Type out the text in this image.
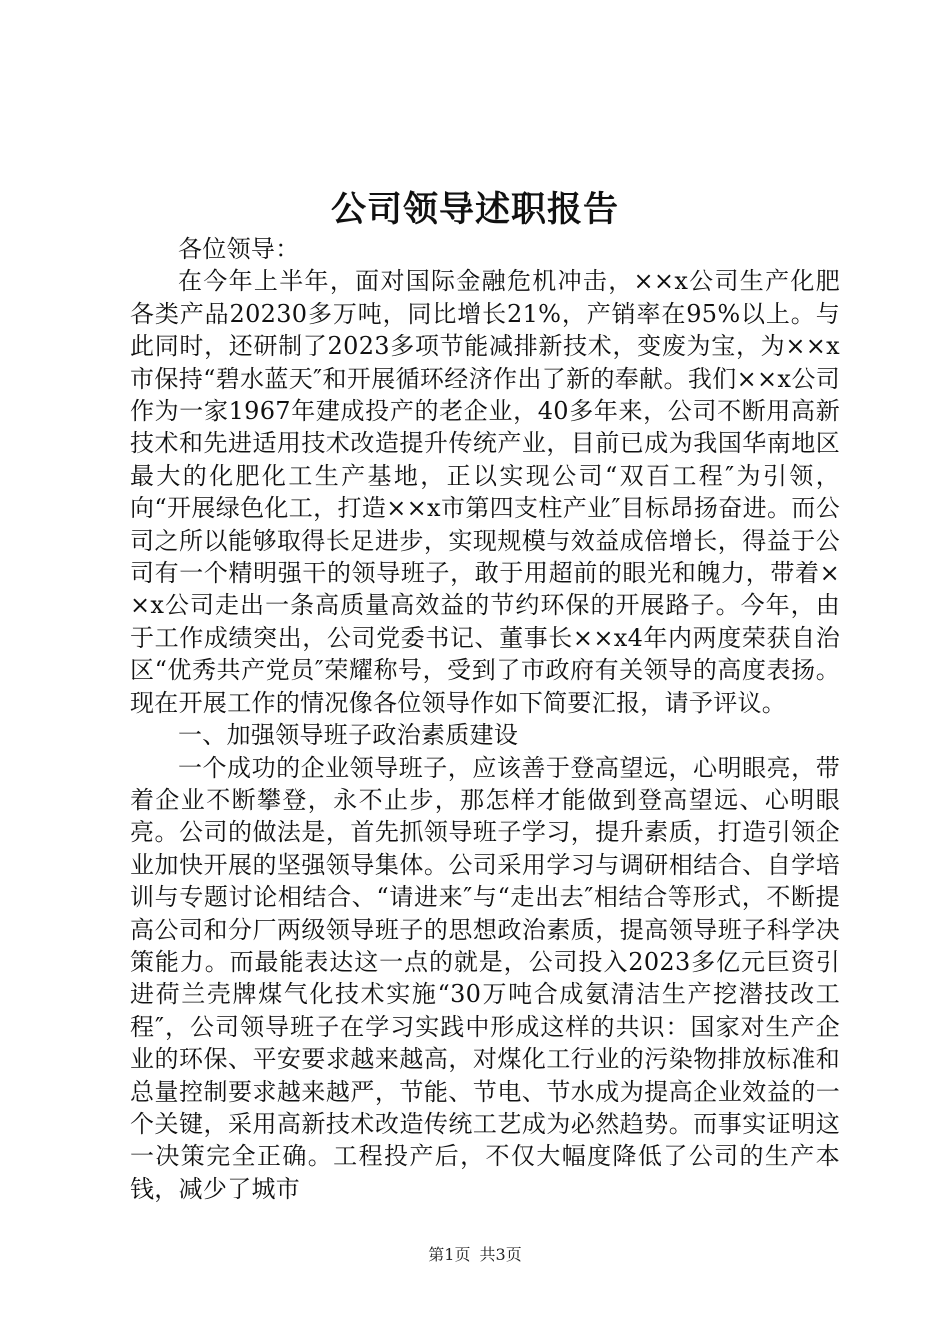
公司领导述职报告

各位领导：

在今年上半年，面对国际金融危机冲击，××x公司生产化肥各类产品20230多万吨，同比增长21%，产销率在95%以上。与此同时，还研制了2023多项节能减排新技术，变废为宝，为××x市保持“碧水蓝天″和开展循环经济作出了新的奉献。我们××x公司作为一家1967年建成投产的老企业，40多年来，公司不断用高新技术和先进适用技术改造提升传统产业，目前已成为我国华南地区最大的化肥化工生产基地，正以实现公司“双百工程″为引领，向“开展绿色化工，打造××x市第四支柱产业″目标昂扬奋进。而公司之所以能够取得长足进步，实现规模与效益成倍增长，得益于公司有一个精明强干的领导班子，敢于用超前的眼光和魄力，带着××x公司走出一条高质量高效益的节约环保的开展路子。今年，由于工作成绩突出，公司党委书记、董事长××x4年内两度荣获自治区“优秀共产党员″荣耀称号，受到了市政府有关领导的高度表扬。现在开展工作的情况像各位领导作如下简要汇报，请予评议。

一、加强领导班子政治素质建设

一个成功的企业领导班子，应该善于登高望远，心明眼亮，带着企业不断攀登，永不止步，那怎样才能做到登高望远、心明眼亮。公司的做法是，首先抓领导班子学习，提升素质，打造引领企业加快开展的坚强领导集体。公司采用学习与调研相结合、自学培训与专题讨论相结合、“请进来″与“走出去″相结合等形式，不断提高公司和分厂两级领导班子的思想政治素质，提高领导班子科学决策能力。而最能表达这一点的就是，公司投入2023多亿元巨资引进荷兰壳牌煤气化技术实施“30万吨合成氨清洁生产挖潜技改工程″，公司领导班子在学习实践中形成这样的共识：国家对生产企业的环保、平安要求越来越高，对煤化工行业的污染物排放标准和总量控制要求越来越严，节能、节电、节水成为提高企业效益的一个关键，采用高新技术改造传统工艺成为必然趋势。而事实证明这一决策完全正确。工程投产后，不仅大幅度降低了公司的生产本钱，减少了城市

第1页 共3页
